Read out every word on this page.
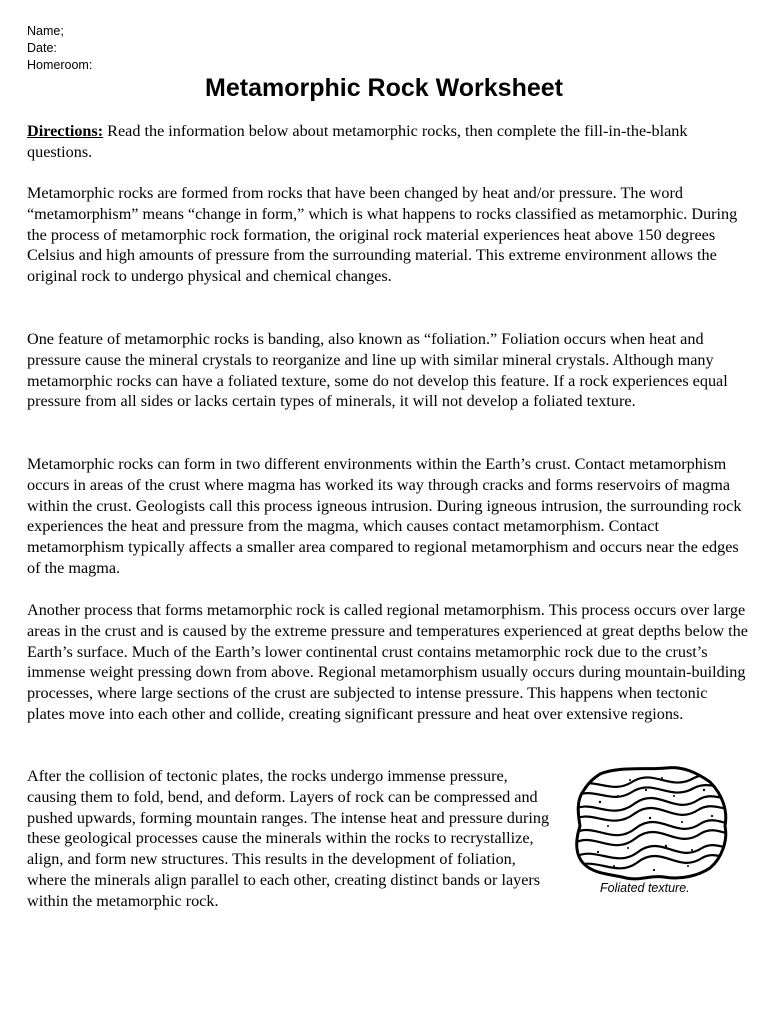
Name;
Date:
Homeroom:
Metamorphic Rock Worksheet

Directions: Read the information below about metamorphic rocks, then complete the fill-in-the-blank questions.

Metamorphic rocks are formed from rocks that have been changed by heat and/or pressure. The word “metamorphism” means “change in form,” which is what happens to rocks classified as metamorphic. During the process of metamorphic rock formation, the original rock material experiences heat above 150 degrees Celsius and high amounts of pressure from the surrounding material. This extreme environment allows the original rock to undergo physical and chemical changes.

One feature of metamorphic rocks is banding, also known as “foliation.” Foliation occurs when heat and pressure cause the mineral crystals to reorganize and line up with similar mineral crystals. Although many metamorphic rocks can have a foliated texture, some do not develop this feature. If a rock experiences equal pressure from all sides or lacks certain types of minerals, it will not develop a foliated texture.

Metamorphic rocks can form in two different environments within the Earth’s crust. Contact metamorphism occurs in areas of the crust where magma has worked its way through cracks and forms reservoirs of magma within the crust. Geologists call this process igneous intrusion. During igneous intrusion, the surrounding rock experiences the heat and pressure from the magma, which causes contact metamorphism. Contact metamorphism typically affects a smaller area compared to regional metamorphism and occurs near the edges of the magma.

Another process that forms metamorphic rock is called regional metamorphism. This process occurs over large areas in the crust and is caused by the extreme pressure and temperatures experienced at great depths below the Earth’s surface. Much of the Earth’s lower continental crust contains metamorphic rock due to the crust’s immense weight pressing down from above. Regional metamorphism usually occurs during mountain-building processes, where large sections of the crust are subjected to intense pressure. This happens when tectonic plates move into each other and collide, creating significant pressure and heat over extensive regions.

After the collision of tectonic plates, the rocks undergo immense pressure, causing them to fold, bend, and deform. Layers of rock can be compressed and pushed upwards, forming mountain ranges. The intense heat and pressure during these geological processes cause the minerals within the rocks to recrystallize, align, and form new structures. This results in the development of foliation, where the minerals align parallel to each other, creating distinct bands or layers within the metamorphic rock.

Foliated texture.
